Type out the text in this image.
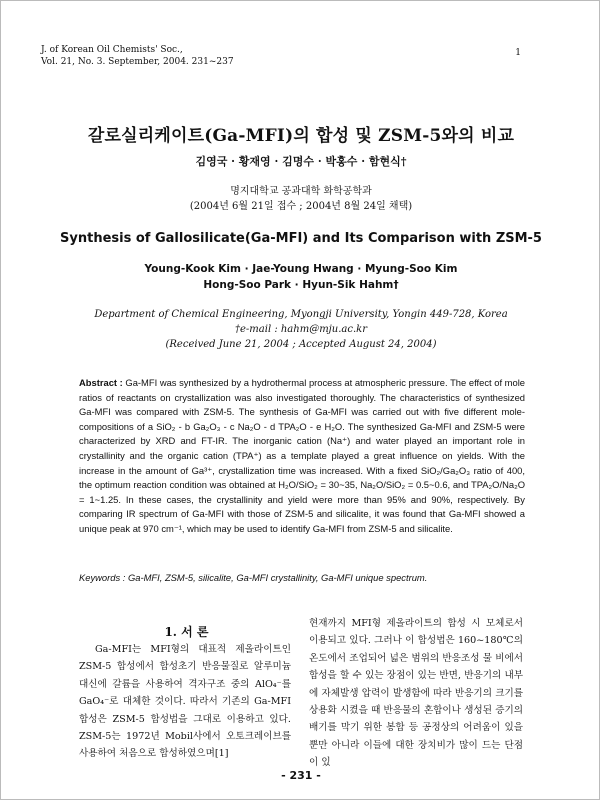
J. of Korean Oil Chemists' Soc.,
Vol. 21, No. 3. September, 2004. 231~237
1
갈로실리케이트(Ga-MFI)의 합성 및 ZSM-5와의 비교
김영국 · 황재영 · 김명수 · 박홍수 · 함현식†
명지대학교 공과대학 화학공학과
(2004년 6월 21일 접수 ; 2004년 8월 24일 채택)
Synthesis of Gallosilicate(Ga-MFI) and Its Comparison with ZSM-5
Young-Kook Kim · Jae-Young Hwang · Myung-Soo Kim
Hong-Soo Park · Hyun-Sik Hahm†
Department of Chemical Engineering, Myongji University, Yongin 449-728, Korea
†e-mail : hahm@mju.ac.kr
(Received June 21, 2004 ; Accepted August 24, 2004)
Abstract : Ga-MFI was synthesized by a hydrothermal process at atmospheric pressure. The effect of mole ratios of reactants on crystallization was also investigated thoroughly. The characteristics of synthesized Ga-MFI was compared with ZSM-5. The synthesis of Ga-MFI was carried out with five different mole-compositions of a SiO₂ - b Ga₂O₃ - c Na₂O - d TPA₂O - e H₂O. The synthesized Ga-MFI and ZSM-5 were characterized by XRD and FT-IR. The inorganic cation (Na⁺) and water played an important role in crystallinity and the organic cation (TPA⁺) as a template played a great influence on yields. With the increase in the amount of Ga³⁺, crystallization time was increased. With a fixed SiO₂/Ga₂O₃ ratio of 400, the optimum reaction condition was obtained at H₂O/SiO₂ = 30~35, Na₂O/SiO₂ = 0.5~0.6, and TPA₂O/Na₂O = 1~1.25. In these cases, the crystallinity and yield were more than 95% and 90%, respectively. By comparing IR spectrum of Ga-MFI with those of ZSM-5 and silicalite, it was found that Ga-MFI showed a unique peak at 970 cm⁻¹, which may be used to identify Ga-MFI from ZSM-5 and silicalite.
Keywords : Ga-MFI, ZSM-5, silicalite, Ga-MFI crystallinity, Ga-MFI unique spectrum.
1. 서 론
Ga-MFI는 MFI형의 대표적 제올라이트인 ZSM-5 합성에서 합성초기 반응물질로 알루미늄 대신에 갈륨을 사용하여 격자구조 중의 AlO₄⁻를 GaO₄⁻로 대체한 것이다. 따라서 기존의 Ga-MFI 합성은 ZSM-5 합성법을 그대로 이용하고 있다. ZSM-5는 1972년 Mobil사에서 오토크레이브를 사용하여 처음으로 합성하였으며[1]
현재까지 MFI형 제올라이트의 합성 시 모체로서 이용되고 있다. 그러나 이 합성법은 160~180℃의 온도에서 조업되어 넓은 범위의 반응조성 물 비에서 합성을 할 수 있는 장점이 있는 반면, 반응기의 내부에 자체발생 압력이 발생함에 따라 반응기의 크기를 상용화 시켰을 때 반응물의 혼합이나 생성된 증기의 배기를 막기 위한 봉합 등 공정상의 어려움이 있을 뿐만 아니라 이들에 대한 장치비가 많이 드는 단점이 있
- 231 -
